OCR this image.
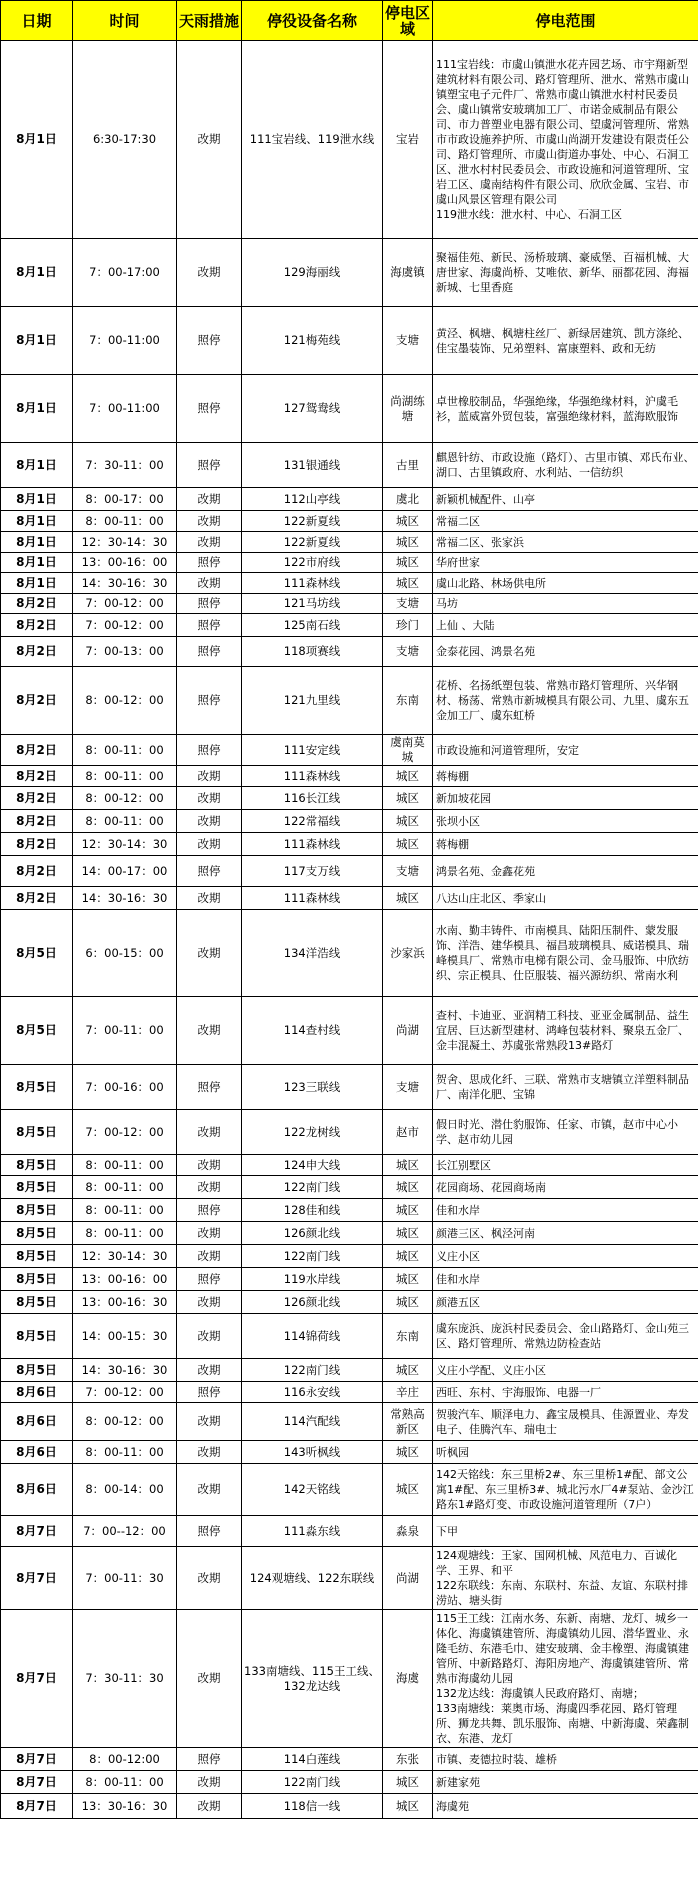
日期	时间	天雨措施	停役设备名称	停电区域	停电范围
8月1日	6:30-17:30	改期	111宝岩线、119泄水线	宝岩	111宝岩线：市虞山镇泄水花卉园艺场、市宇翔新型建筑材料有限公司、路灯管理所、泄水、常熟市虞山镇塑宝电子元件厂、常熟市虞山镇泄水村村民委员会、虞山镇常安玻璃加工厂、市诺金威制品有限公司、市力普塑业电器有限公司、望虞河管理所、常熟市市政设施养护所、市虞山尚湖开发建设有限责任公司、路灯管理所、市虞山街道办事处、中心、石洞工区、泄水村村民委员会、市政设施和河道管理所、宝岩工区、虞南结构件有限公司、欣欣金属、宝岩、市虞山风景区管理有限公司
119泄水线：泄水村、中心、石洞工区
8月1日	7：00-17:00	改期	129海丽线	海虞镇	聚福佳苑、新民、汤桥玻璃、豪威堡、百福机械、大唐世家、海虞尚桥、艾唯依、新华、丽都花园、海福新城、七里香庭
8月1日	7：00-11:00	照停	121梅苑线	支塘	黄泾、枫塘、枫塘柱丝厂、新绿居建筑、凯方涤纶、佳宝墨装饰、兄弟塑料、富康塑料、政和无纺
8月1日	7：00-11:00	照停	127鸳鸯线	尚湖练塘	卓世橡胶制品，华强绝缘，华强绝缘材料，沪虞毛衫，蓝威富外贸包装，富强绝缘材料，蓝海欧服饰
8月1日	7：30-11：00	照停	131银通线	古里	麒恩针纺、市政设施（路灯）、古里市镇、邓氏布业、湖口、古里镇政府、水利站、一信纺织
8月1日	8：00-17：00	改期	112山亭线	虞北	新颖机械配件、山亭
8月1日	8：00-11：00	改期	122新夏线	城区	常福二区
8月1日	12：30-14：30	改期	122新夏线	城区	常福二区、张家浜
8月1日	13：00-16：00	照停	122市府线	城区	华府世家
8月1日	14：30-16：30	改期	111森林线	城区	虞山北路、林场供电所
8月2日	7：00-12：00	照停	121马坊线	支塘	马坊
8月2日	7：00-12：00	照停	125南石线	珍门	上仙 、大陆
8月2日	7：00-13：00	照停	118项赛线	支塘	金泰花园、鸿景名苑
8月2日	8：00-12：00	照停	121九里线	东南	花桥、名扬纸塑包装、常熟市路灯管理所、兴华钢材、杨荡、常熟市新城模具有限公司、九里、虞东五金加工厂、虞东虹桥
8月2日	8：00-11：00	照停	111安定线	虞南莫城	市政设施和河道管理所，安定
8月2日	8：00-11：00	改期	111森林线	城区	蒋梅棚
8月2日	8：00-12：00	改期	116长江线	城区	新加坡花园
8月2日	8：00-11：00	改期	122常福线	城区	张坝小区
8月2日	12：30-14：30	改期	111森林线	城区	蒋梅棚
8月2日	14：00-17：00	照停	117支万线	支塘	鸿景名苑、金鑫花苑
8月2日	14：30-16：30	改期	111森林线	城区	八达山庄北区、季家山
8月5日	6：00-15：00	改期	134洋浩线	沙家浜	水南、勤丰铸件、市南模具、陆阳压制件、蒙发服饰、洋浩、建华模具、福昌玻璃模具、威诺模具、瑞峰模具厂、常熟市电梯有限公司、金马服饰、中欣纺织、宗正模具、仕臣服装、福兴源纺织、常南水利
8月5日	7：00-11：00	改期	114查村线	尚湖	查村、卡迪亚、亚润精工科技、亚亚金属制品、益生宜居、巨达新型建材、鸿峰包装材料、聚泉五金厂、金丰混凝土、苏虞张常熟段13#路灯
8月5日	7：00-16：00	照停	123三联线	支塘	贺舍、思成化纤、三联、常熟市支塘镇立洋塑料制品厂、南洋化肥、宝锦
8月5日	7：00-12：00	改期	122龙树线	赵市	假日时光、潜仕豹服饰、任家、市镇，赵市中心小学、赵市幼儿园
8月5日	8：00-11：00	改期	124申大线	城区	长江别墅区
8月5日	8：00-11：00	改期	122南门线	城区	花园商场、花园商场南
8月5日	8：00-11：00	照停	128佳和线	城区	佳和水岸
8月5日	8：00-11：00	改期	126颜北线	城区	颜港三区、枫泾河南
8月5日	12：30-14：30	改期	122南门线	城区	义庄小区
8月5日	13：00-16：00	照停	119水岸线	城区	佳和水岸
8月5日	13：00-16：30	改期	126颜北线	城区	颜港五区
8月5日	14：00-15：30	改期	114锦荷线	东南	虞东庞浜、庞浜村民委员会、金山路路灯、金山苑三区、路灯管理所、常熟边防检查站
8月5日	14：30-16：30	改期	122南门线	城区	义庄小学配、义庄小区
8月6日	7：00-12：00	照停	116永安线	辛庄	西旺、东村、宇海服饰、电器一厂
8月6日	8：00-12：00	改期	114汽配线	常熟高新区	贺骏汽车、顺泽电力、鑫宝晟模具、佳源置业、寿发电子、佳腾汽车、瑞电士
8月6日	8：00-11：00	改期	143听枫线	城区	听枫园
8月6日	8：00-14：00	改期	142天铭线	城区	142天铭线：东三里桥2#、东三里桥1#配、部文公寓1#配、东三里桥3#、城北污水厂4#泵站、金沙江路东1#路灯变、市政设施河道管理所（7户）
8月7日	7：00--12：00	照停	111淼东线	淼泉	下甲
8月7日	7：00-11：30	改期	124观塘线、122东联线	尚湖	124观塘线：王家、国网机械、风范电力、百诚化学、王界、和平
122东联线：东南、东联村、东益、友谊、东联村排涝站、塘头街
8月7日	7：30-11：30	改期	133南塘线、115王工线、132龙达线	海虞	115王工线：江南水务、东新、南塘、龙灯、城乡一体化、海虞镇建管所、海虞镇幼儿园、潜华置业、永隆毛纺、东港毛巾、建安玻璃、金丰橡塑、海虞镇建管所、中新路路灯、海阳房地产、海虞镇建管所、常熟市海虞幼儿园
132龙达线：海虞镇人民政府路灯、南塘；
133南塘线：莱奥市场、海虞四季花园、路灯管理所、狮龙共舞、凯乐服饰、南塘、中新海虞、荣鑫制衣、东港、龙灯
8月7日	8：00-12:00	照停	114白莲线	东张	市镇、麦德拉时装、雄桥
8月7日	8：00-11：00	改期	122南门线	城区	新建家苑
8月7日	13：30-16：30	改期	118信一线	城区	海虞苑
